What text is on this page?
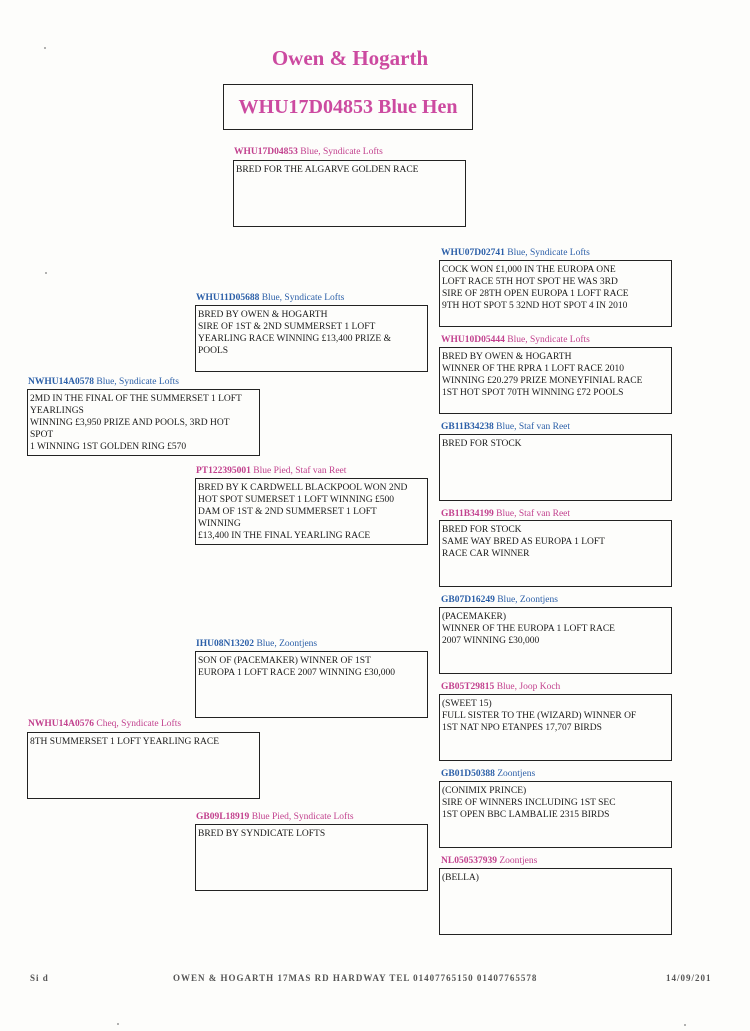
Owen & Hogarth
WHU17D04853 Blue Hen
WHU17D04853 Blue, Syndicate Lofts
BRED FOR THE ALGARVE GOLDEN RACE
WHU11D05688 Blue, Syndicate Lofts
BRED BY OWEN & HOGARTH
SIRE OF 1ST & 2ND SUMMERSET 1 LOFT
YEARLING RACE WINNING £13,400 PRIZE &
POOLS
NWHU14A0576 Cheq, Syndicate Lofts
8TH SUMMERSET 1 LOFT YEARLING RACE
NWHU14A0578 Blue, Syndicate Lofts
2MD IN THE FINAL OF THE SUMMERSET 1 LOFT
YEARLINGS
WINNING £3,950 PRIZE AND POOLS, 3RD HOT
SPOT
1 WINNING 1ST GOLDEN RING £570
PT122395001 Blue Pied, Staf van Reet
BRED BY K CARDWELL BLACKPOOL WON 2ND
HOT SPOT SUMERSET 1 LOFT WINNING £500
DAM OF 1ST & 2ND SUMMERSET 1 LOFT
WINNING
£13,400 IN THE FINAL YEARLING RACE
IHU08N13202 Blue, Zoontjens
SON OF (PACEMAKER) WINNER OF 1ST
EUROPA 1 LOFT RACE 2007 WINNING £30,000
GB09L18919 Blue Pied, Syndicate Lofts
BRED BY SYNDICATE LOFTS
WHU07D02741 Blue, Syndicate Lofts
COCK WON £1,000 IN THE EUROPA ONE
LOFT RACE 5TH HOT SPOT HE WAS 3RD
SIRE OF 28TH OPEN EUROPA 1 LOFT RACE
9TH HOT SPOT 5 32ND HOT SPOT 4 IN 2010
WHU10D05444 Blue, Syndicate Lofts
BRED BY OWEN & HOGARTH
WINNER OF THE RPRA 1 LOFT RACE 2010
WINNING £20.279 PRIZE MONEYFINIAL RACE
1ST HOT SPOT 70TH WINNING £72 POOLS
GB11B34238 Blue, Staf van Reet
BRED FOR STOCK
GB11B34199 Blue, Staf van Reet
BRED FOR STOCK
SAME WAY BRED AS EUROPA 1 LOFT
RACE CAR WINNER
GB07D16249 Blue, Zoontjens
(PACEMAKER)
WINNER OF THE EUROPA 1 LOFT RACE
2007 WINNING £30,000
GB05T29815 Blue, Joop Koch
(SWEET 15)
FULL SISTER TO THE (WIZARD) WINNER OF
1ST NAT NPO ETANPES 17,707 BIRDS
GB01D50388 Zoontjens
(CONIMIX PRINCE)
SIRE OF WINNERS INCLUDING 1ST SEC
1ST OPEN BBC LAMBALIE 2315 BIRDS
NL050537939 Zoontjens
(BELLA)
Si d	OWEN & HOGARTH 17MAS RD HARDWAY TEL 01407765150 01407765578	14/09/201
